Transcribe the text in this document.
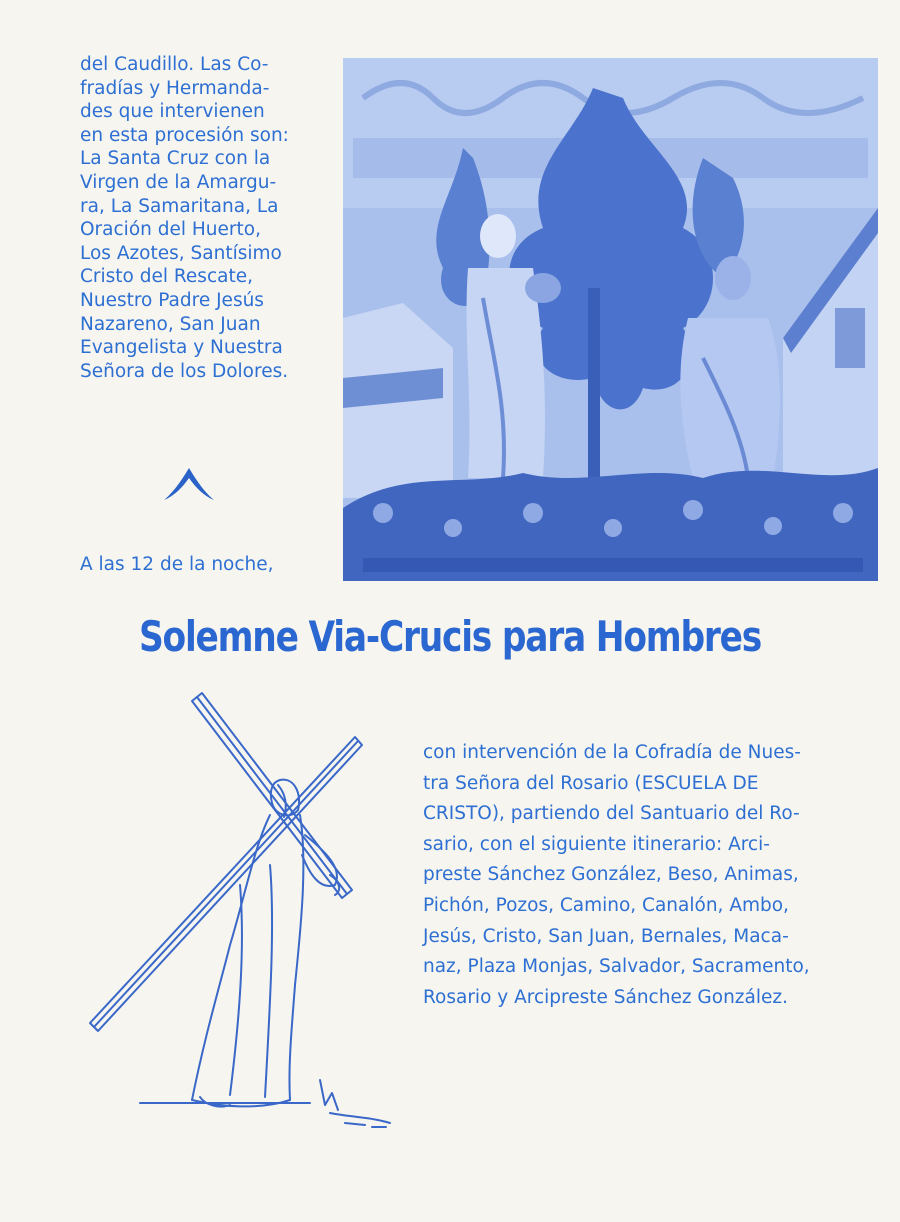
del Caudillo. Las Co-
fradías y Hermanda-
des que intervienen
en esta procesión son:
La Santa Cruz con la
Virgen de la Amargu-
ra, La Samaritana, La
Oración del Huerto,
Los Azotes, Santísimo
Cristo del Rescate,
Nuestro Padre Jesús
Nazareno, San Juan
Evangelista y Nuestra
Señora de los Dolores.
A las 12 de la noche,
Solemne Via-Crucis para Hombres
con intervención de la Cofradía de Nues-
tra Señora del Rosario (ESCUELA DE
CRISTO), partiendo del Santuario del Ro-
sario, con el siguiente itinerario: Arci-
preste Sánchez González, Beso, Animas,
Pichón, Pozos, Camino, Canalón, Ambo,
Jesús, Cristo, San Juan, Bernales, Maca-
naz, Plaza Monjas, Salvador, Sacramento,
Rosario y Arcipreste Sánchez González.
